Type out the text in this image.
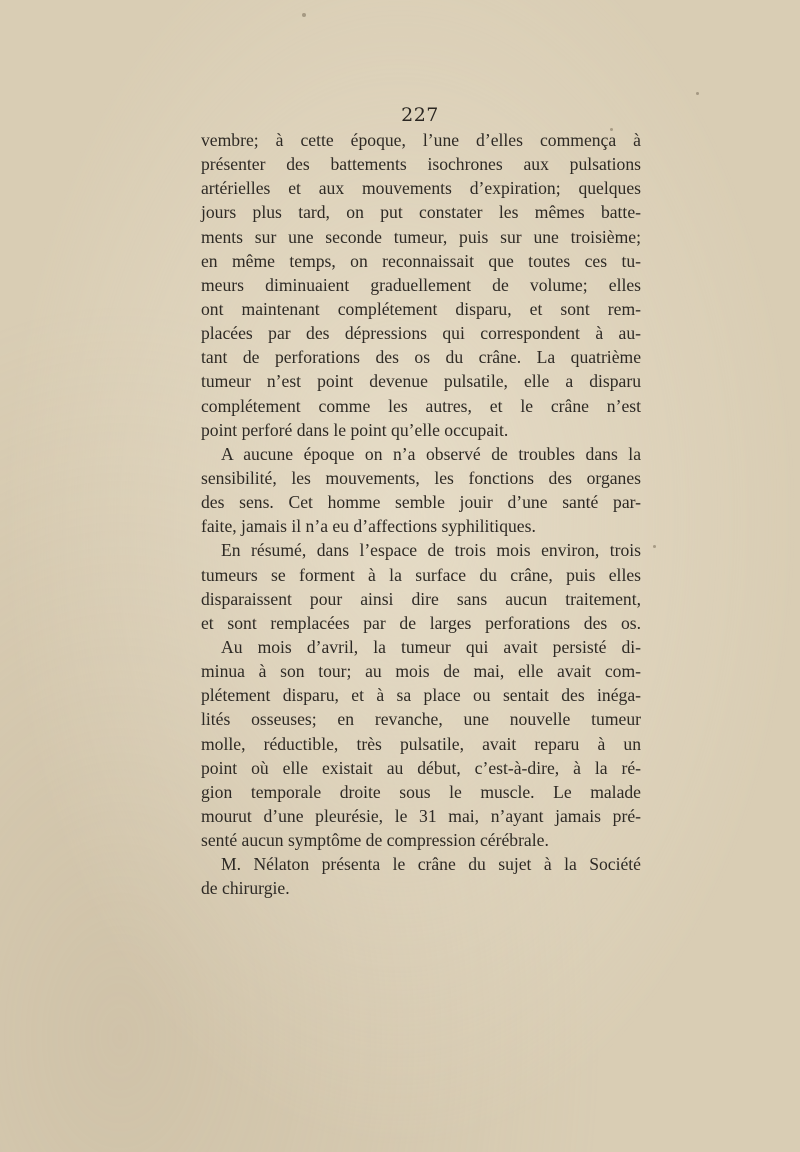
227
vembre; à cette époque, l’une d’elles commença à
présenter des battements isochrones aux pulsations
artérielles et aux mouvements d’expiration; quelques
jours plus tard, on put constater les mêmes batte-
ments sur une seconde tumeur, puis sur une troisième;
en même temps, on reconnaissait que toutes ces tu-
meurs diminuaient graduellement de volume; elles
ont maintenant complétement disparu, et sont rem-
placées par des dépressions qui correspondent à au-
tant de perforations des os du crâne. La quatrième
tumeur n’est point devenue pulsatile, elle a disparu
complétement comme les autres, et le crâne n’est
point perforé dans le point qu’elle occupait.
A aucune époque on n’a observé de troubles dans la
sensibilité, les mouvements, les fonctions des organes
des sens. Cet homme semble jouir d’une santé par-
faite, jamais il n’a eu d’affections syphilitiques.
En résumé, dans l’espace de trois mois environ, trois
tumeurs se forment à la surface du crâne, puis elles
disparaissent pour ainsi dire sans aucun traitement,
et sont remplacées par de larges perforations des os.
Au mois d’avril, la tumeur qui avait persisté di-
minua à son tour; au mois de mai, elle avait com-
plétement disparu, et à sa place ou sentait des inéga-
lités osseuses; en revanche, une nouvelle tumeur
molle, réductible, très pulsatile, avait reparu à un
point où elle existait au début, c’est-à-dire, à la ré-
gion temporale droite sous le muscle. Le malade
mourut d’une pleurésie, le 31 mai, n’ayant jamais pré-
senté aucun symptôme de compression cérébrale.
M. Nélaton présenta le crâne du sujet à la Société
de chirurgie.
